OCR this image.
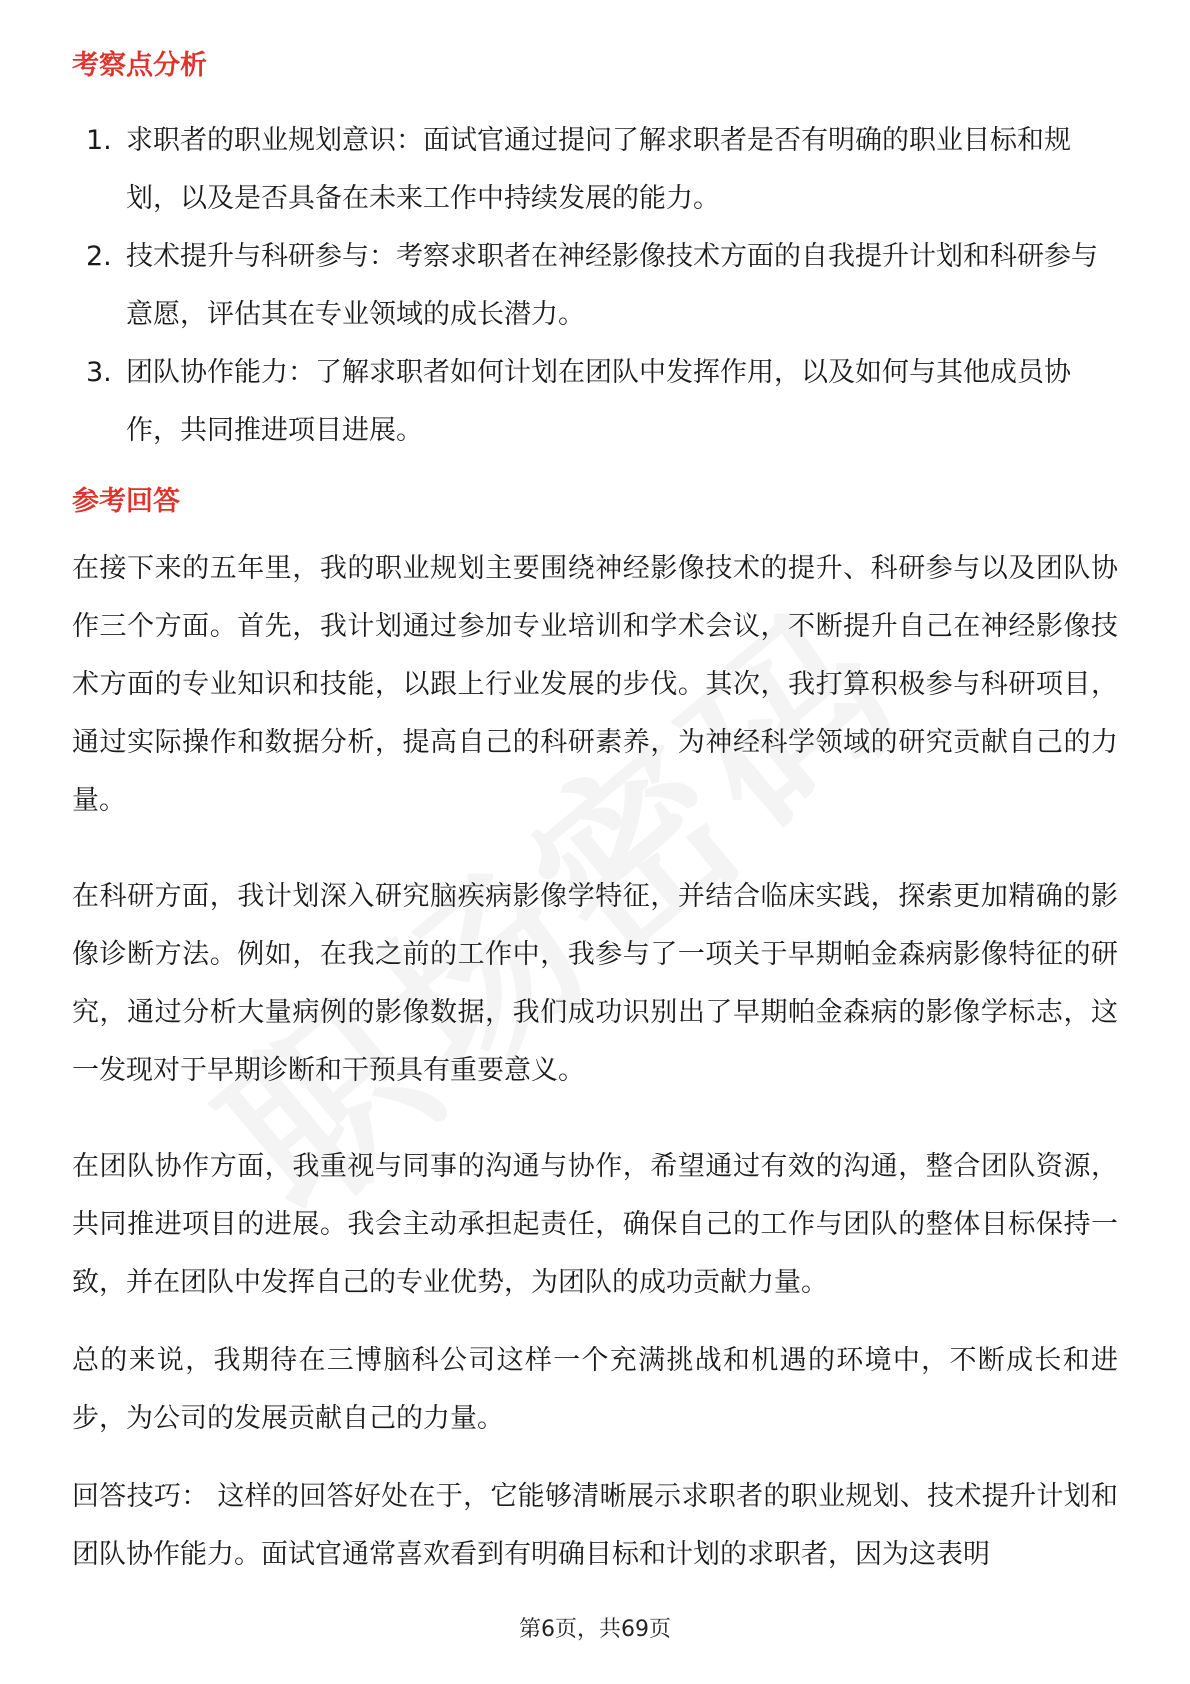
考察点分析
1. 求职者的职业规划意识：面试官通过提问了解求职者是否有明确的职业目标和规划，以及是否具备在未来工作中持续发展的能力。
2. 技术提升与科研参与：考察求职者在神经影像技术方面的自我提升计划和科研参与意愿，评估其在专业领域的成长潜力。
3. 团队协作能力：了解求职者如何计划在团队中发挥作用，以及如何与其他成员协作，共同推进项目进展。
参考回答

在接下来的五年里，我的职业规划主要围绕神经影像技术的提升、科研参与以及团队协作三个方面。首先，我计划通过参加专业培训和学术会议，不断提升自己在神经影像技术方面的专业知识和技能，以跟上行业发展的步伐。其次，我打算积极参与科研项目，通过实际操作和数据分析，提高自己的科研素养，为神经科学领域的研究贡献自己的力量。

在科研方面，我计划深入研究脑疾病影像学特征，并结合临床实践，探索更加精确的影像诊断方法。例如，在我之前的工作中，我参与了一项关于早期帕金森病影像特征的研究，通过分析大量病例的影像数据，我们成功识别出了早期帕金森病的影像学标志，这一发现对于早期诊断和干预具有重要意义。

在团队协作方面，我重视与同事的沟通与协作，希望通过有效的沟通，整合团队资源，共同推进项目的进展。我会主动承担起责任，确保自己的工作与团队的整体目标保持一致，并在团队中发挥自己的专业优势，为团队的成功贡献力量。

总的来说，我期待在三博脑科公司这样一个充满挑战和机遇的环境中，不断成长和进步，为公司的发展贡献自己的力量。

回答技巧： 这样的回答好处在于，它能够清晰展示求职者的职业规划、技术提升计划和团队协作能力。面试官通常喜欢看到有明确目标和计划的求职者，因为这表明

第6页，共69页
